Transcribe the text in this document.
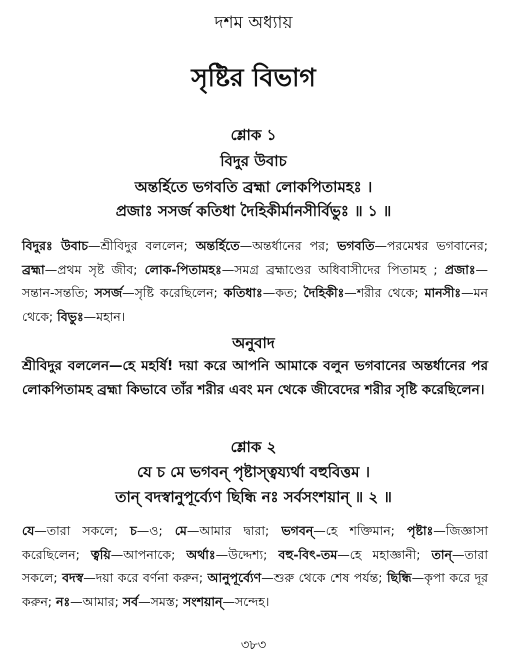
দশম অধ্যায়
সৃষ্টির বিভাগ
শ্লোক ১
বিদুর উবাচ
অন্তর্হিতে ভগবতি ব্রহ্মা লোকপিতামহঃ ।
প্রজাঃ সসর্জ কতিধা দৈহিকীর্মানসীর্বিভুঃ ॥ ১ ॥
বিদুরঃ উবাচ—শ্রীবিদুর বললেন; অন্তর্হিতে—অন্তর্ধানের পর; ভগবতি—পরমেশ্বর ভগবানের; ব্রহ্মা—প্রথম সৃষ্ট জীব; লোক-পিতামহঃ—সমগ্র ব্রহ্মাণ্ডের অধিবাসীদের পিতামহ ; প্রজাঃ—সন্তান-সন্ততি; সসর্জ—সৃষ্টি করেছিলেন; কতিধাঃ—কত; দৈহিকীঃ—শরীর থেকে; মানসীঃ—মন থেকে; বিভুঃ—মহান।
অনুবাদ
শ্রীবিদুর বললেন—হে মহর্ষি! দয়া করে আপনি আমাকে বলুন ভগবানের অন্তর্ধানের পর লোকপিতামহ ব্রহ্মা কিভাবে তাঁর শরীর এবং মন থেকে জীবেদের শরীর সৃষ্টি করেছিলেন।
শ্লোক ২
যে চ মে ভগবন্ পৃষ্টাস্ত্বয্যর্থা বহুবিত্তম ।
তান্ বদস্বানুপূর্ব্যেণ ছিন্ধি নঃ সর্বসংশয়ান্ ॥ ২ ॥
যে—তারা সকলে; চ—ও; মে—আমার দ্বারা; ভগবন্—হে শক্তিমান; পৃষ্টাঃ—জিজ্ঞাসা করেছিলেন; ত্বয়ি—আপনাকে; অর্থাঃ—উদ্দেশ্য; বহু-বিৎ-তম—হে মহাজ্ঞানী; তান্—তারা সকলে; বদস্ব—দয়া করে বর্ণনা করুন; আনুপূর্ব্যেণ—শুরু থেকে শেষ পর্যন্ত; ছিন্ধি—কৃপা করে দূর করুন; নঃ—আমার; সর্ব—সমস্ত; সংশয়ান্—সন্দেহ।
৩৮৩
